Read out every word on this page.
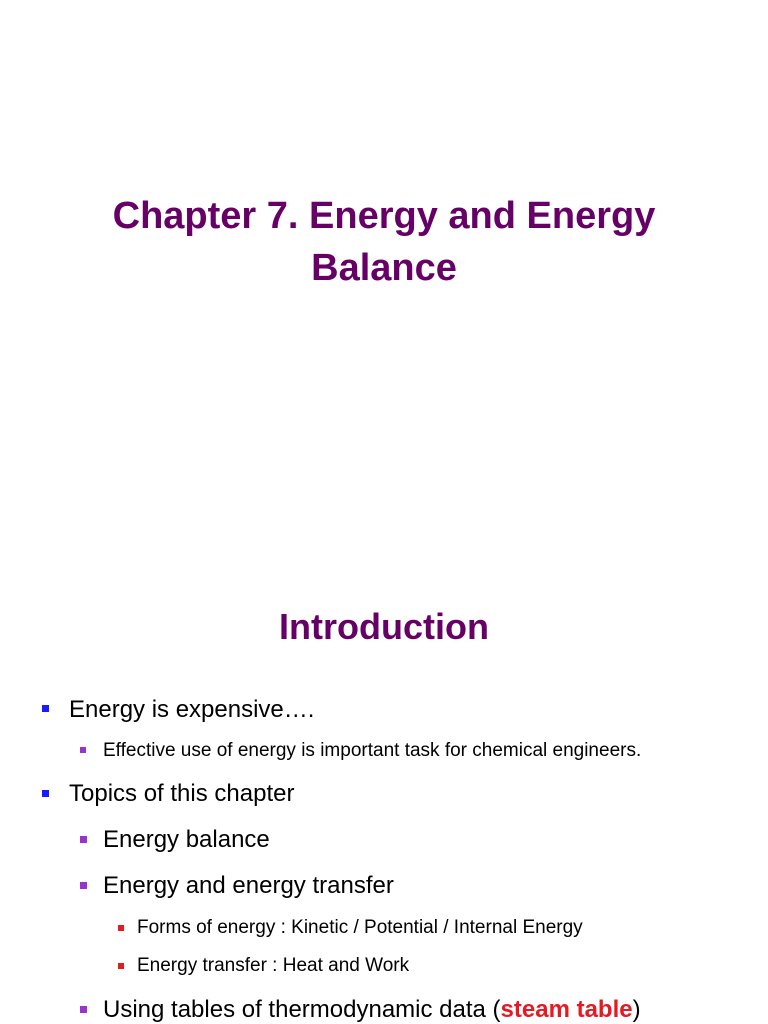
Chapter 7. Energy and Energy
Balance
Introduction
Energy is expensive….
Effective use of energy is important task for chemical engineers.
Topics of this chapter
Energy balance
Energy and energy transfer
Forms of energy : Kinetic / Potential / Internal Energy
Energy transfer : Heat and Work
Using tables of thermodynamic data (steam table)
